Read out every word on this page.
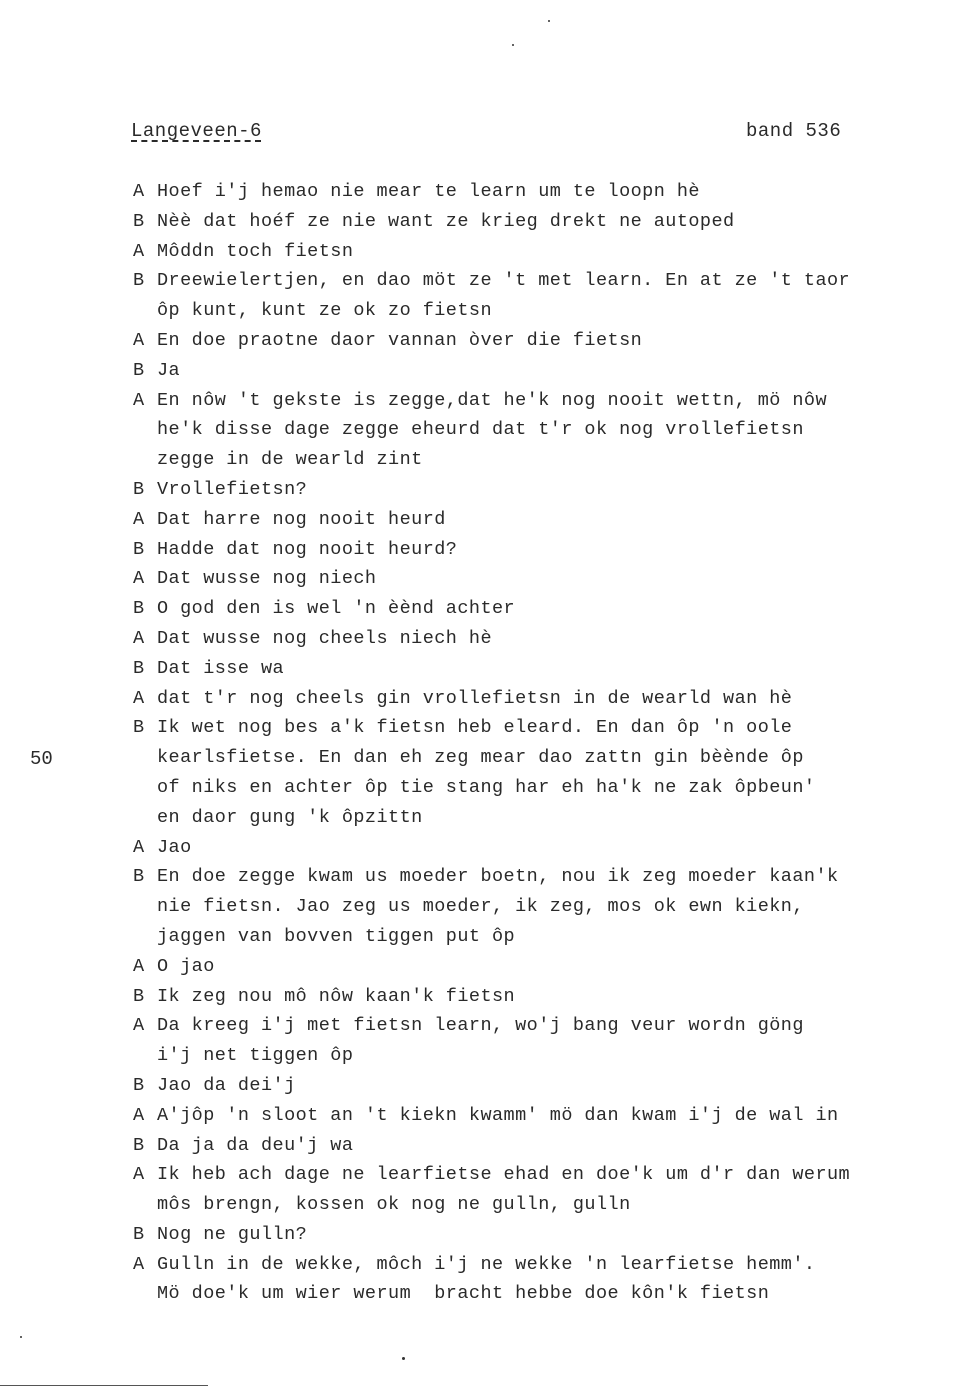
Langeveen-6	band 536
50
A Hoef i'j hemao nie mear te learn um te loopn hè
B Nèè dat hoéf ze nie want ze krieg drekt ne autoped
A Môddn toch fietsn
B Dreewielertjen, en dao möt ze 't met learn. En at ze 't taor
ôp kunt, kunt ze ok zo fietsn
A En doe praotne daor vannan òver die fietsn
B Ja
A En nôw 't gekste is zegge,dat he'k nog nooit wettn, mö nôw
he'k disse dage zegge eheurd dat t'r ok nog vrollefietsn
zegge in de wearld zint
B Vrollefietsn?
A Dat harre nog nooit heurd
B Hadde dat nog nooit heurd?
A Dat wusse nog niech
B O god den is wel 'n èènd achter
A Dat wusse nog cheels niech hè
B Dat isse wa
A dat t'r nog cheels gin vrollefietsn in de wearld wan hè
B Ik wet nog bes a'k fietsn heb eleard. En dan ôp 'n oole
kearlsfietse. En dan eh zeg mear dao zattn gin bèènde ôp
of niks en achter ôp tie stang har eh ha'k ne zak ôpbeun'
en daor gung 'k ôpzittn
A Jao
B En doe zegge kwam us moeder boetn, nou ik zeg moeder kaan'k
nie fietsn. Jao zeg us moeder, ik zeg, mos ok ewn kiekn,
jaggen van bovven tiggen put ôp
A O jao
B Ik zeg nou mô nôw kaan'k fietsn
A Da kreeg i'j met fietsn learn, wo'j bang veur wordn göng
i'j net tiggen ôp
B Jao da dei'j
A A'jôp 'n sloot an 't kiekn kwamm' mö dan kwam i'j de wal in
B Da ja da deu'j wa
A Ik heb ach dage ne learfietse ehad en doe'k um d'r dan werum
môs brengn, kossen ok nog ne gulln, gulln
B Nog ne gulln?
A Gulln in de wekke, môch i'j ne wekke 'n learfietse hemm'.
Mö doe'k um wier werum  bracht hebbe doe kôn'k fietsn
